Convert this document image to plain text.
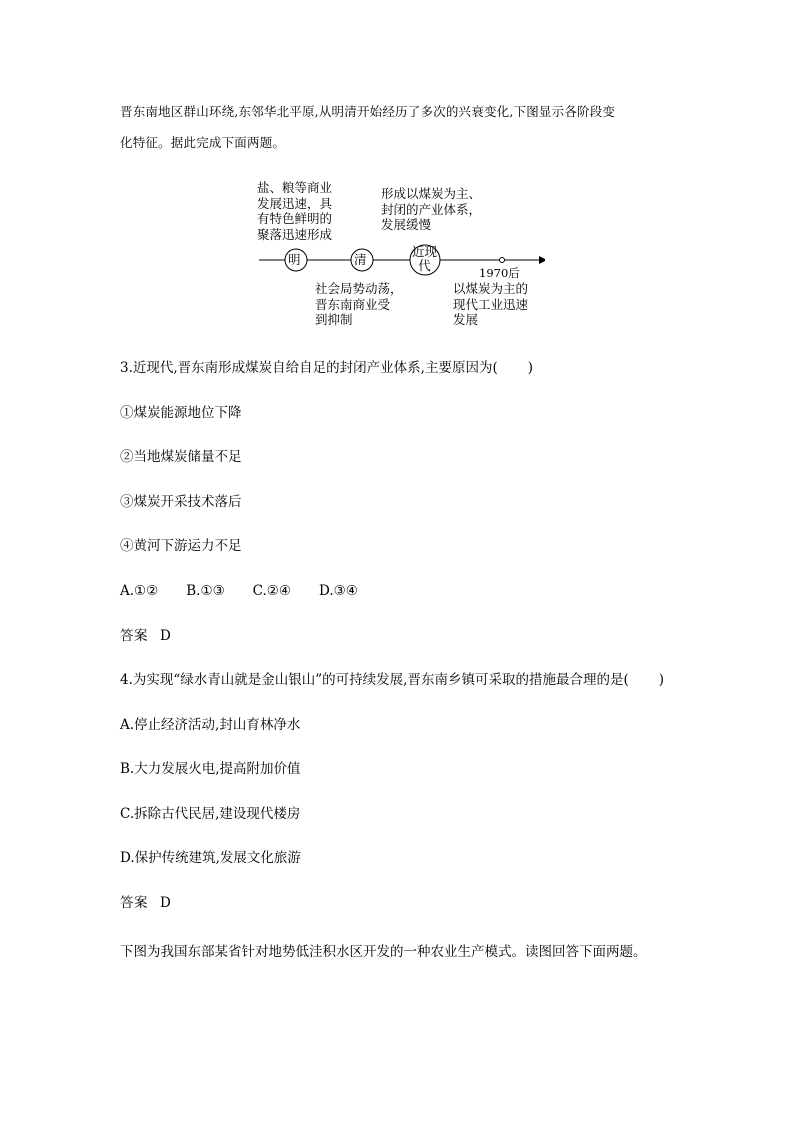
晋东南地区群山环绕,东邻华北平原,从明清开始经历了多次的兴衰变化,下图显示各阶段变
化特征。据此完成下面两题。
盐、粮等商业
发展迅速，具
有特色鲜明的
聚落迅速形成
形成以煤炭为主、
封闭的产业体系，
发展缓慢
明	清
近现
代	1970后
社会局势动荡，
晋东南商业受
到抑制
以煤炭为主的
现代工业迅速
发展
3.近现代,晋东南形成煤炭自给自足的封闭产业体系,主要原因为( )
①煤炭能源地位下降
②当地煤炭储量不足
③煤炭开采技术落后
④黄河下游运力不足
A.①② B.①③ C.②④ D.③④
答案 D
4.为实现“绿水青山就是金山银山”的可持续发展,晋东南乡镇可采取的措施最合理的是( )
A.停止经济活动,封山育林净水
B.大力发展火电,提高附加价值
C.拆除古代民居,建设现代楼房
D.保护传统建筑,发展文化旅游
答案 D
下图为我国东部某省针对地势低洼积水区开发的一种农业生产模式。读图回答下面两题。
